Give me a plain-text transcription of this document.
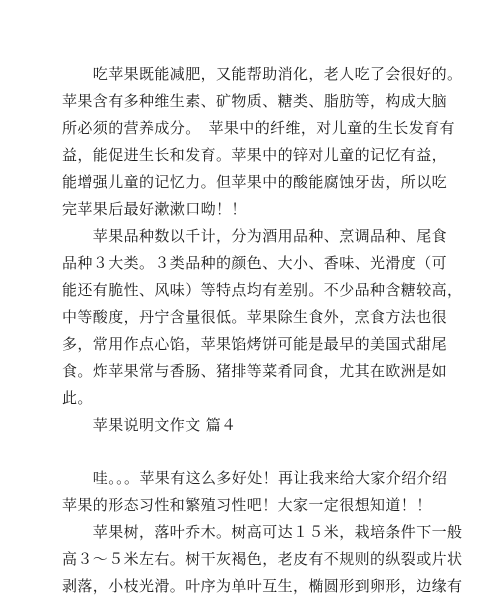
　　吃苹果既能减肥，又能帮助消化，老人吃了会很好的。
苹果含有多种维生素、矿物质、糖类、脂肪等，构成大脑
所必须的营养成分。　苹果中的纤维，对儿童的生长发育有
益，能促进生长和发育。苹果中的锌对儿童的记忆有益，
能增强儿童的记忆力。但苹果中的酸能腐蚀牙齿，所以吃
完苹果后最好漱漱口呦！！
　　苹果品种数以千计，分为酒用品种、烹调品种、尾食
品种３大类。３类品种的颜色、大小、香味、光滑度（可
能还有脆性、风味）等特点均有差别。不少品种含糖较高，
中等酸度，丹宁含量很低。苹果除生食外，烹食方法也很
多，常用作点心馅，苹果馅烤饼可能是最早的美国式甜尾
食。炸苹果常与香肠、猪排等菜肴同食，尤其在欧洲是如
此。
　　苹果说明文作文 篇４
　　哇。。。苹果有这么多好处！再让我来给大家介绍介绍
苹果的形态习性和繁殖习性吧！大家一定很想知道！！
　　苹果树，落叶乔木。树高可达１５米，栽培条件下一般
高３～５米左右。树干灰褐色，老皮有不规则的纵裂或片状
剥落，小枝光滑。叶序为单叶互生，椭圆形到卵形，边缘有
